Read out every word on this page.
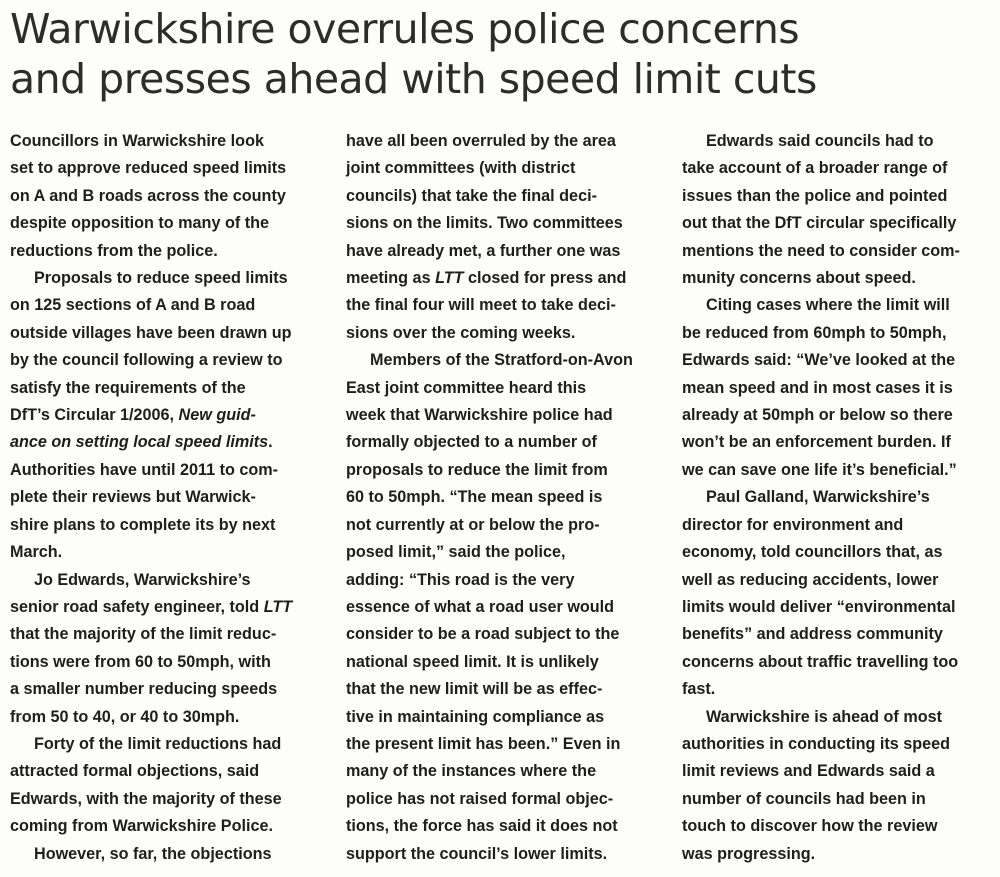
Warwickshire overrules police concerns
and presses ahead with speed limit cuts

Councillors in Warwickshire look
set to approve reduced speed limits
on A and B roads across the county
despite opposition to many of the
reductions from the police.

Proposals to reduce speed limits
on 125 sections of A and B road
outside villages have been drawn up
by the council following a review to
satisfy the requirements of the
DfT’s Circular 1/2006, New guid-
ance on setting local speed limits.
Authorities have until 2011 to com-
plete their reviews but Warwick-
shire plans to complete its by next
March.

Jo Edwards, Warwickshire’s
senior road safety engineer, told LTT
that the majority of the limit reduc-
tions were from 60 to 50mph, with
a smaller number reducing speeds
from 50 to 40, or 40 to 30mph.

Forty of the limit reductions had
attracted formal objections, said
Edwards, with the majority of these
coming from Warwickshire Police.

However, so far, the objections

have all been overruled by the area
joint committees (with district
councils) that take the final deci-
sions on the limits. Two committees
have already met, a further one was
meeting as LTT closed for press and
the final four will meet to take deci-
sions over the coming weeks.

Members of the Stratford-on-Avon
East joint committee heard this
week that Warwickshire police had
formally objected to a number of
proposals to reduce the limit from
60 to 50mph. “The mean speed is
not currently at or below the pro-
posed limit,” said the police,
adding: “This road is the very
essence of what a road user would
consider to be a road subject to the
national speed limit. It is unlikely
that the new limit will be as effec-
tive in maintaining compliance as
the present limit has been.” Even in
many of the instances where the
police has not raised formal objec-
tions, the force has said it does not
support the council’s lower limits.

Edwards said councils had to
take account of a broader range of
issues than the police and pointed
out that the DfT circular specifically
mentions the need to consider com-
munity concerns about speed.

Citing cases where the limit will
be reduced from 60mph to 50mph,
Edwards said: “We’ve looked at the
mean speed and in most cases it is
already at 50mph or below so there
won’t be an enforcement burden. If
we can save one life it’s beneficial.”

Paul Galland, Warwickshire’s
director for environment and
economy, told councillors that, as
well as reducing accidents, lower
limits would deliver “environmental
benefits” and address community
concerns about traffic travelling too
fast.

Warwickshire is ahead of most
authorities in conducting its speed
limit reviews and Edwards said a
number of councils had been in
touch to discover how the review
was progressing.
